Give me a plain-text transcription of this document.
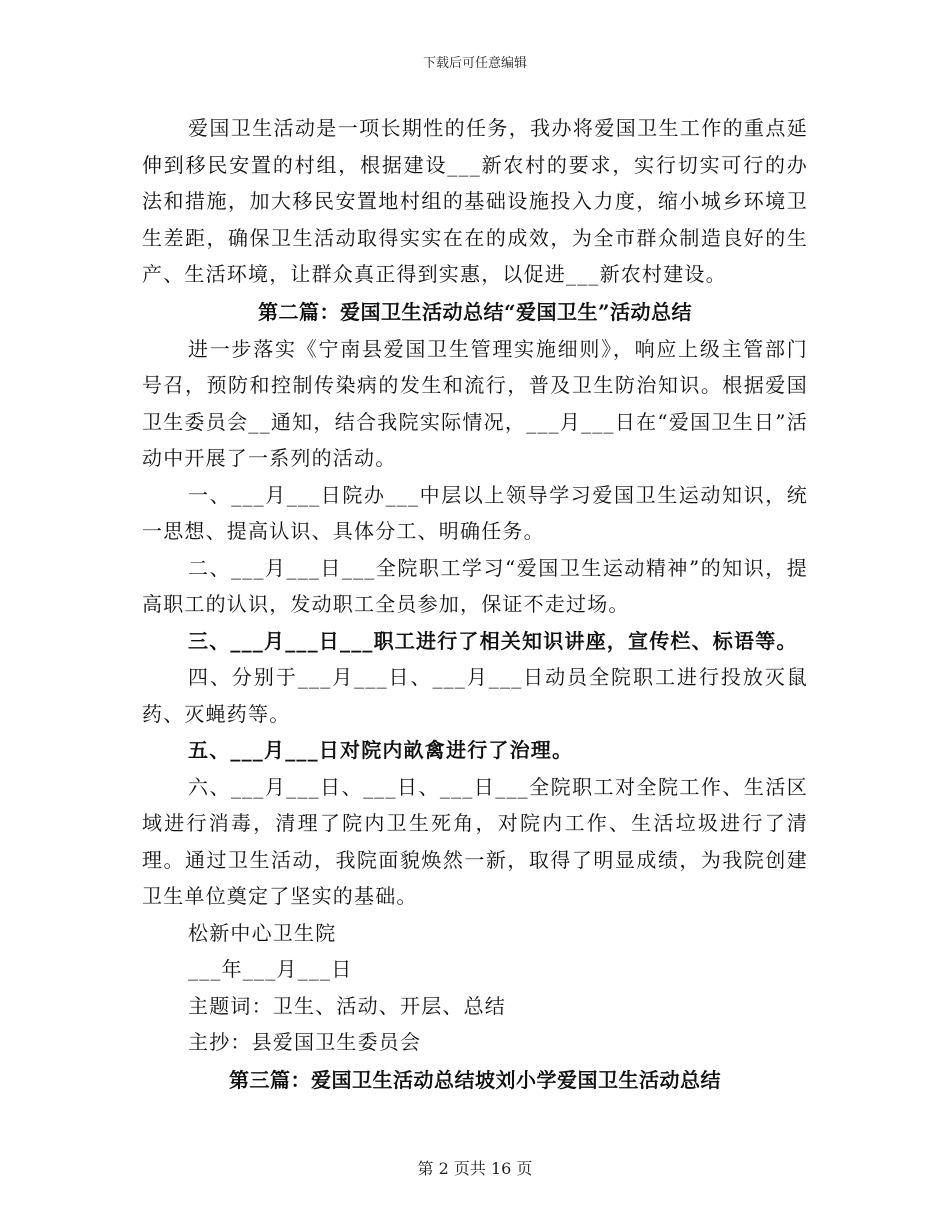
下载后可任意编辑

爱国卫生活动是一项长期性的任务，我办将爱国卫生工作的重点延伸到移民安置的村组，根据建设___新农村的要求，实行切实可行的办法和措施，加大移民安置地村组的基础设施投入力度，缩小城乡环境卫生差距，确保卫生活动取得实实在在的成效，为全市群众制造良好的生产、生活环境，让群众真正得到实惠，以促进___新农村建设。

第二篇：爱国卫生活动总结“爱国卫生”活动总结

进一步落实《宁南县爱国卫生管理实施细则》，响应上级主管部门号召，预防和控制传染病的发生和流行，普及卫生防治知识。根据爱国卫生委员会__通知，结合我院实际情况，___月___日在“爱国卫生日”活动中开展了一系列的活动。

一、___月___日院办___中层以上领导学习爱国卫生运动知识，统一思想、提高认识、具体分工、明确任务。

二、___月___日___全院职工学习“爱国卫生运动精神”的知识，提高职工的认识，发动职工全员参加，保证不走过场。

三、___月___日___职工进行了相关知识讲座，宣传栏、标语等。

四、分别于___月___日、___月___日动员全院职工进行投放灭鼠药、灭蝇药等。

五、___月___日对院内畝禽进行了治理。

六、___月___日、___日、___日___全院职工对全院工作、生活区域进行消毒，清理了院内卫生死角，对院内工作、生活垃圾进行了清理。通过卫生活动，我院面貌焕然一新，取得了明显成绩，为我院创建卫生单位奠定了坚实的基础。

松新中心卫生院

___年___月___日

主题词：卫生、活动、开层、总结

主抄：县爱国卫生委员会

第三篇：爱国卫生活动总结坡刘小学爱国卫生活动总结

第 2 页共 16 页
